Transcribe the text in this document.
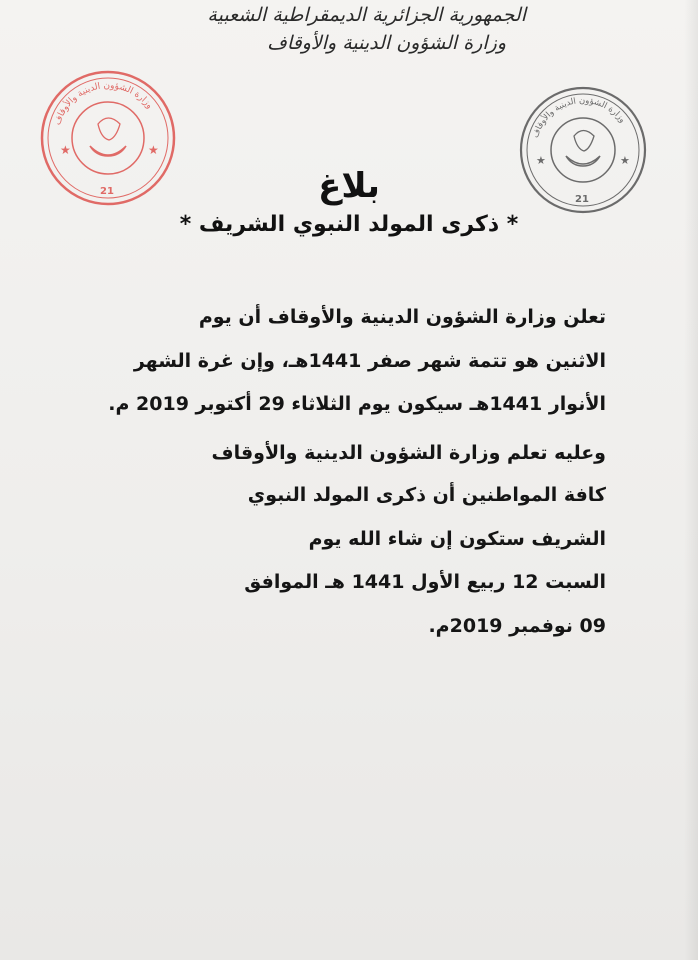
الجمهورية الجزائرية الديمقراطية الشعبية
وزارة الشؤون الدينية والأوقاف
★	★
وزارة الشؤون الدينية والأوقاف
21
★	★
وزارة الشؤون الدينية والأوقاف
21
بلاغ
* ذكرى المولد النبوي الشريف *
تعلن وزارة الشؤون الدينية والأوقاف أن يوم
الاثنين هو تتمة شهر صفر 1441هـ، وإن غرة الشهر
الأنوار 1441هـ سيكون يوم الثلاثاء 29 أكتوبر 2019 م.
وعليه تعلم وزارة الشؤون الدينية والأوقاف
كافة المواطنين أن ذكرى المولد النبوي
الشريف ستكون إن شاء الله يوم
السبت 12 ربيع الأول 1441 هـ الموافق
09 نوفمبر 2019م.
